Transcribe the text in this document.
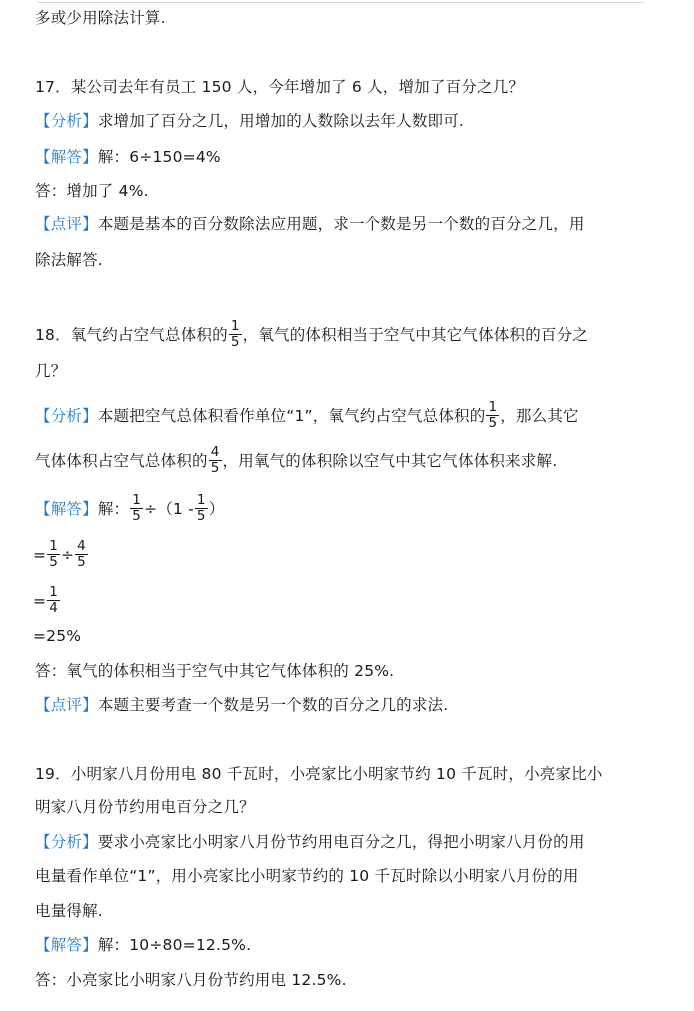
多或少用除法计算.
17．某公司去年有员工 150 人，今年增加了 6 人，增加了百分之几？
【分析】求增加了百分之几，用增加的人数除以去年人数即可.
【解答】解：6÷150=4%
答：增加了 4%.
【点评】本题是基本的百分数除法应用题，求一个数是另一个数的百分之几，用
除法解答.
18．氧气约占空气总体积的 $\frac{1}{5}$ ，氧气的体积相当于空气中其它气体体积的百分之
几？
【分析】本题把空气总体积看作单位“1”，氧气约占空气总体积的 $\frac{1}{5}$ ，那么其它
气体体积占空气总体积的 $\frac{4}{5}$ ，用氧气的体积除以空气中其它气体体积来求解.
【解答】解： $\frac{1}{5} \div(1 - \frac{1}{5}$ ）
= $\frac{1}{5} \div \frac{4}{5}$
= $\frac{1}{4}$
=25%
答：氧气的体积相当于空气中其它气体体积的 25%.
【点评】本题主要考查一个数是另一个数的百分之几的求法.
19．小明家八月份用电 80 千瓦时，小亮家比小明家节约 10 千瓦时，小亮家比小
明家八月份节约用电百分之几？
【分析】要求小亮家比小明家八月份节约用电百分之几，得把小明家八月份的用
电量看作单位“1”，用小亮家比小明家节约的 10 千瓦时除以小明家八月份的用
电量得解.
【解答】解：10÷80=12.5%.
答：小亮家比小明家八月份节约用电 12.5%.
